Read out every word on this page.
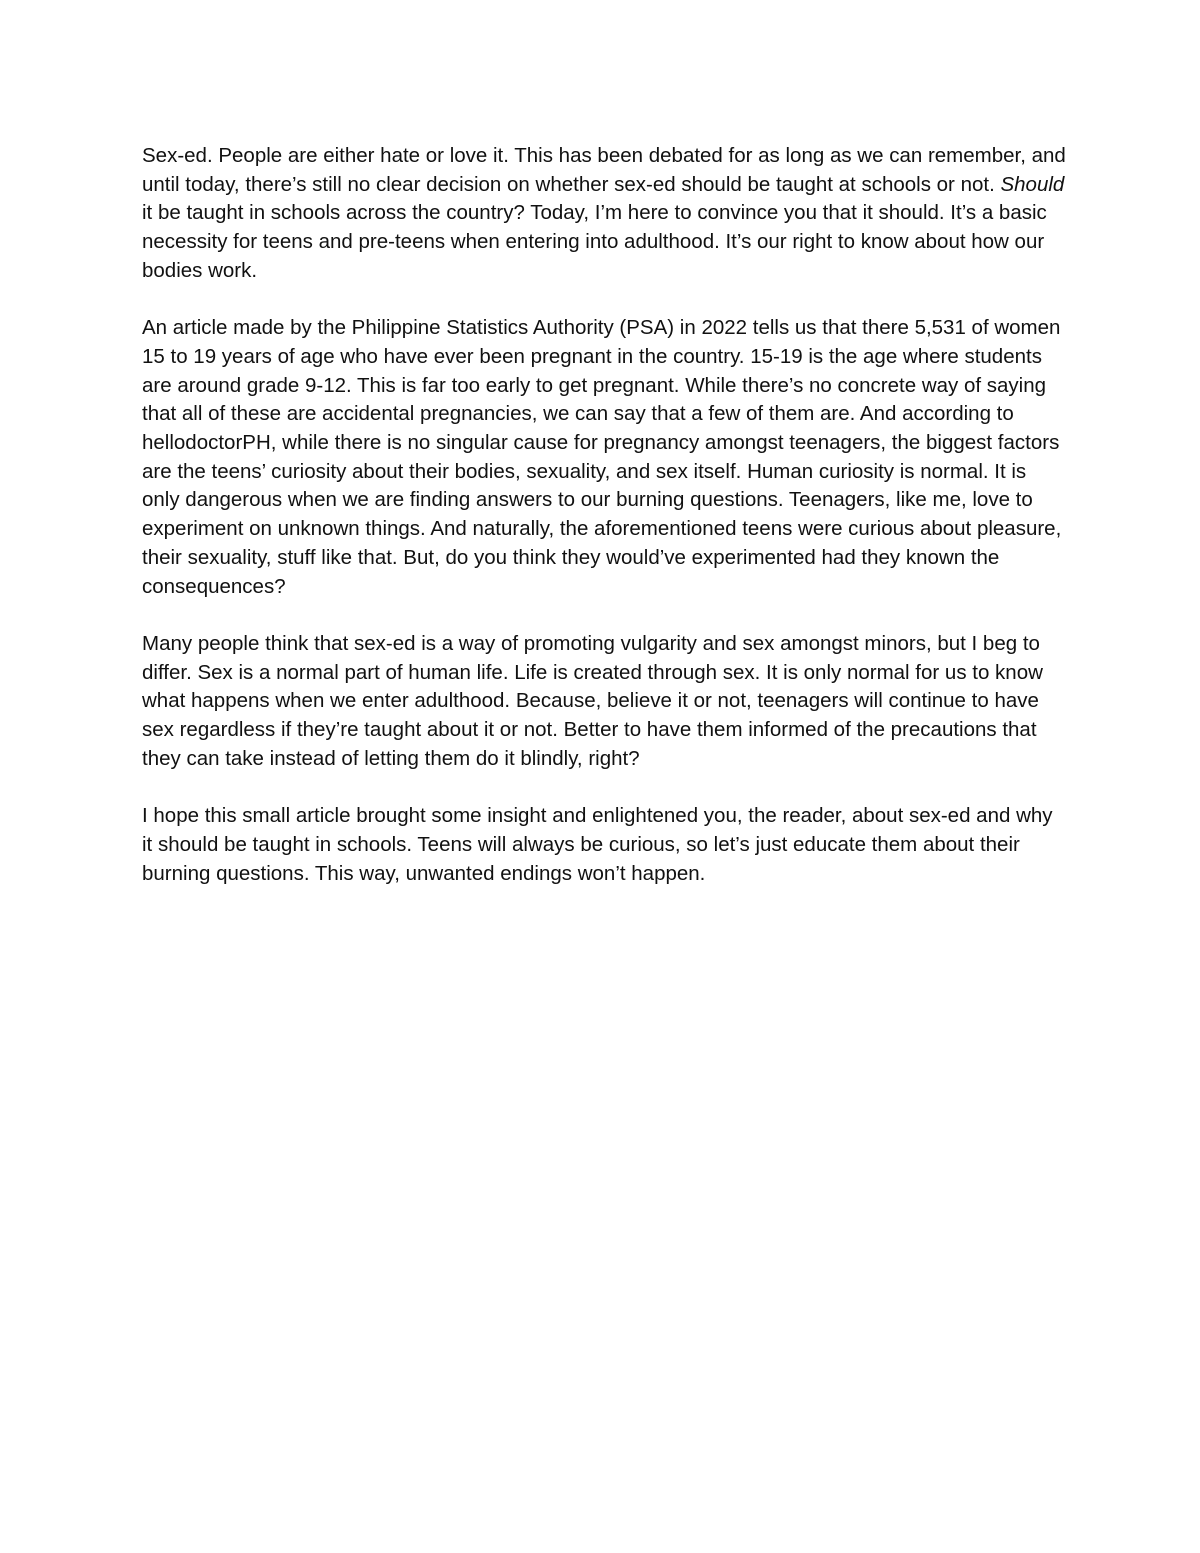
Sex-ed. People are either hate or love it. This has been debated for as long as we can remember, and until today, there’s still no clear decision on whether sex-ed should be taught at schools or not. Should it be taught in schools across the country? Today, I’m here to convince you that it should. It’s a basic necessity for teens and pre-teens when entering into adulthood. It’s our right to know about how our bodies work.

An article made by the Philippine Statistics Authority (PSA) in 2022 tells us that there 5,531 of women 15 to 19 years of age who have ever been pregnant in the country. 15-19 is the age where students are around grade 9-12. This is far too early to get pregnant. While there’s no concrete way of saying that all of these are accidental pregnancies, we can say that a few of them are. And according to hellodoctorPH, while there is no singular cause for pregnancy amongst teenagers, the biggest factors are the teens’ curiosity about their bodies, sexuality, and sex itself. Human curiosity is normal. It is only dangerous when we are finding answers to our burning questions. Teenagers, like me, love to experiment on unknown things. And naturally, the aforementioned teens were curious about pleasure, their sexuality, stuff like that. But, do you think they would’ve experimented had they known the consequences?

Many people think that sex-ed is a way of promoting vulgarity and sex amongst minors, but I beg to differ. Sex is a normal part of human life. Life is created through sex. It is only normal for us to know what happens when we enter adulthood. Because, believe it or not, teenagers will continue to have sex regardless if they’re taught about it or not. Better to have them informed of the precautions that they can take instead of letting them do it blindly, right?

I hope this small article brought some insight and enlightened you, the reader, about sex-ed and why it should be taught in schools. Teens will always be curious, so let’s just educate them about their burning questions. This way, unwanted endings won’t happen.
